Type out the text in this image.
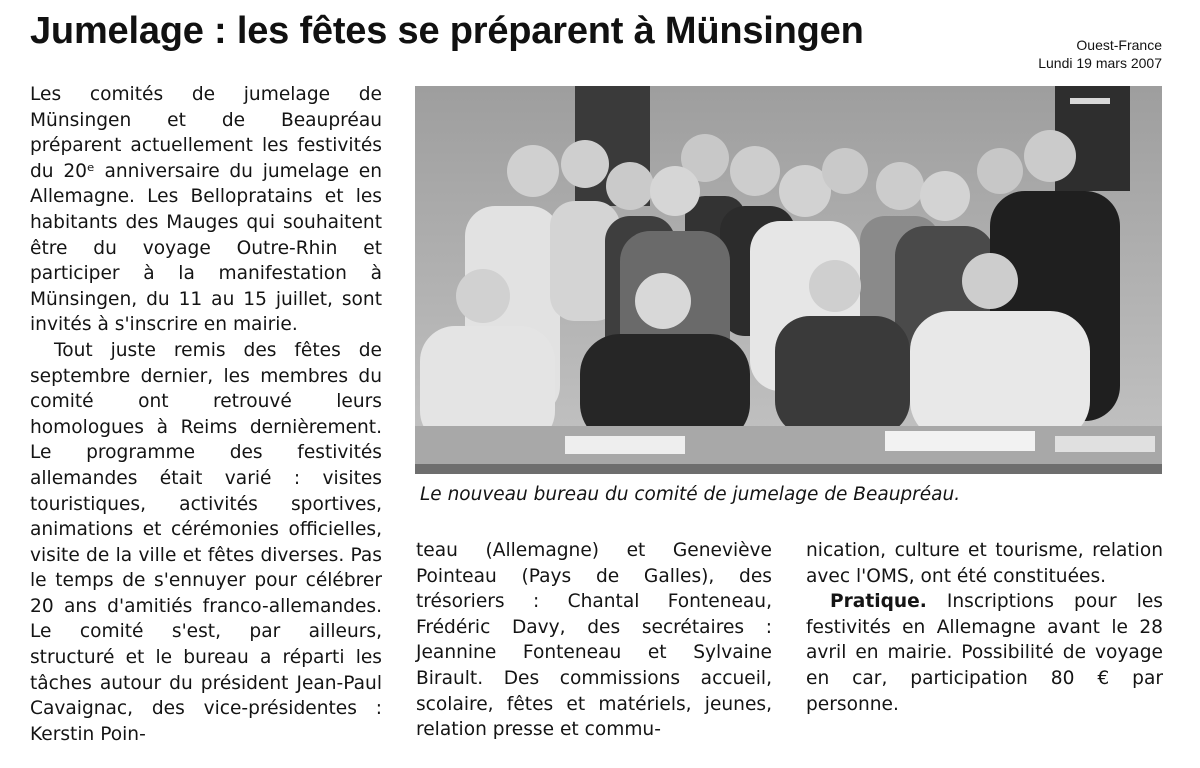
Jumelage : les fêtes se préparent à Münsingen	Ouest-France
Lundi 19 mars 2007

Les comités de jumelage de Münsingen et de Beaupréau préparent actuellement les festivités du 20ᵉ anniversaire du jumelage en Allemagne. Les Bellopratains et les habitants des Mauges qui souhaitent être du voyage Outre-Rhin et participer à la manifestation à Münsingen, du 11 au 15 juillet, sont invités à s'inscrire en mairie.

Tout juste remis des fêtes de septembre dernier, les membres du comité ont retrouvé leurs homologues à Reims dernièrement. Le programme des festivités allemandes était varié : visites touristiques, activités sportives, animations et cérémonies officielles, visite de la ville et fêtes diverses. Pas le temps de s'ennuyer pour célébrer 20 ans d'amitiés franco-allemandes. Le comité s'est, par ailleurs, structuré et le bureau a réparti les tâches autour du président Jean-Paul Cavaignac, des vice-présidentes : Kerstin Poin-

Le nouveau bureau du comité de jumelage de Beaupréau.

teau (Allemagne) et Geneviève Pointeau (Pays de Galles), des trésoriers : Chantal Fonteneau, Frédéric Davy, des secrétaires : Jeannine Fonteneau et Sylvaine Birault. Des commissions accueil, scolaire, fêtes et matériels, jeunes, relation presse et commu-

nication, culture et tourisme, relation avec l'OMS, ont été constituées.

Pratique. Inscriptions pour les festivités en Allemagne avant le 28 avril en mairie. Possibilité de voyage en car, participation 80 € par personne.
